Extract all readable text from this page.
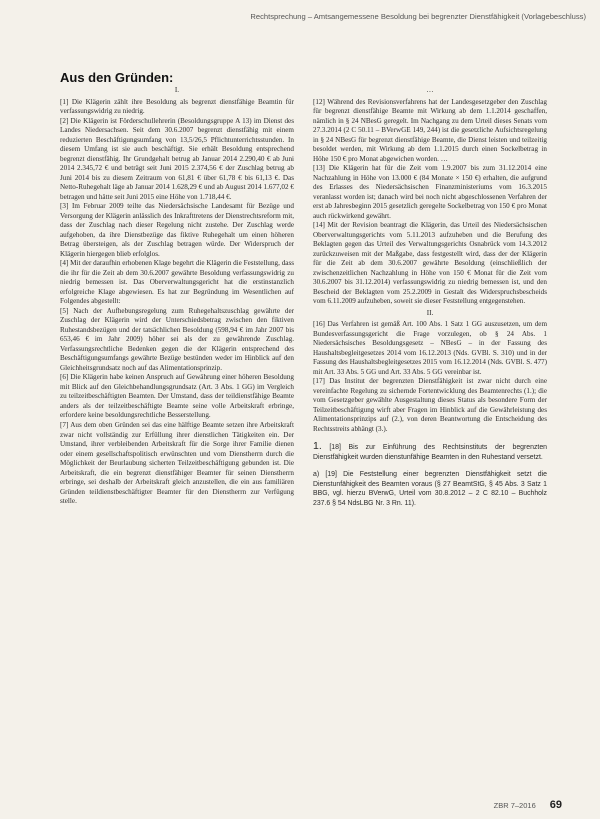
Rechtsprechung – Amtsangemessene Besoldung bei begrenzter Dienstfähigkeit (Vorlagebeschluss)
Aus den Gründen:
I.

[1] Die Klägerin zählt ihre Besoldung als begrenzt dienstfähige Beamtin für verfassungswidrig zu niedrig.

[2] Die Klägerin ist Förderschullehrerin (Besoldungsgruppe A 13) im Dienst des Landes Niedersachsen. Seit dem 30.6.2007 begrenzt dienstfähig mit einem reduzierten Beschäftigungsumfang von 13,5/26,5 Pflichtunterrichtsstunden. In diesem Umfang ist sie auch beschäftigt. Sie erhält Besoldung entsprechend begrenzt dienstfähig. Ihr Grundgehalt betrug ab Januar 2014 2.290,40 € ab Juni 2014 2.345,72 € und beträgt seit Juni 2015 2.374,56 € der Zuschlag betrug ab Juni 2014 bis zu diesem Zeitraum von 61,81 € über 61,78 € bis 61,13 €. Das Netto-Ruhegehalt läge ab Januar 2014 1.628,29 € und ab August 2014 1.677,02 € betragen und hätte seit Juni 2015 eine Höhe von 1.718,44 €.

[3] Im Februar 2009 teilte das Niedersächsische Landesamt für Bezüge und Versorgung der Klägerin anlässlich des Inkrafttretens der Dienstrechtsreform mit, dass der Zuschlag nach dieser Regelung nicht zustehe. Der Zuschlag werde aufgehoben, da ihre Dienstbezüge das fiktive Ruhegehalt um einen höheren Betrag übersteigen, als der Zuschlag betragen würde. Der Widerspruch der Klägerin hiergegen blieb erfolglos.

[4] Mit der daraufhin erhobenen Klage begehrt die Klägerin die Feststellung, dass die ihr für die Zeit ab dem 30.6.2007 gewährte Besoldung verfassungswidrig zu niedrig bemessen ist. Das Oberverwaltungsgericht hat die erstinstanzlich erfolgreiche Klage abgewiesen. Es hat zur Begründung im Wesentlichen auf Folgendes abgestellt:

[5] Nach der Aufhebungsregelung zum Ruhegehaltszuschlag gewährte der Zuschlag der Klägerin wird der Unterschiedsbetrag zwischen den fiktiven Ruhestandsbezügen und der tatsächlichen Besoldung (598,94 € im Jahr 2007 bis 653,46 € im Jahr 2009) höher sei als der zu gewährende Zuschlag. Verfassungsrechtliche Bedenken gegen die der Klägerin entsprechend des Beschäftigungsumfangs gewährte Bezüge bestünden weder im Hinblick auf den Gleichheitsgrundsatz noch auf das Alimentationsprinzip.

[6] Die Klägerin habe keinen Anspruch auf Gewährung einer höheren Besoldung mit Blick auf den Gleichbehandlungsgrundsatz (Art. 3 Abs. 1 GG) im Vergleich zu teilzeitbeschäftigten Beamten. Der Umstand, dass der teildienstfähige Beamte anders als der teilzeitbeschäftigte Beamte seine volle Arbeitskraft erbringe, erfordere keine besoldungsrechtliche Besserstellung.

[7] Aus dem oben Gründen sei das eine hälftige Beamte setzen ihre Arbeitskraft zwar nicht vollständig zur Erfüllung ihrer dienstlichen Tätigkeiten ein. Der Umstand, ihrer verbleibenden Arbeitskraft für die Sorge ihrer Familie dienen oder einem gesellschaftspolitisch erwünschten und vom Dienstherrn durch die Möglichkeit der Beurlaubung sicherten Teilzeitbeschäftigung gebunden ist. Die Arbeitskraft, die ein begrenzt dienstfähiger Beamter für seinen Dienstherrn erbringe, sei deshalb der Arbeitskraft gleich anzustellen, die ein aus familiären Gründen teildienstbeschäftigter Beamter für den Dienstherrn zur Verfügung stelle.

…

[12] Während des Revisionsverfahrens hat der Landesgesetzgeber den Zuschlag für begrenzt dienstfähige Beamte mit Wirkung ab dem 1.1.2014 geschaffen, nämlich in § 24 NBesG geregelt. Im Nachgang zu dem Urteil dieses Senats vom 27.3.2014 (2 C 50.11 – BVerwGE 149, 244) ist die gesetzliche Aufsichtsregelung in § 24 NBesG für begrenzt dienstfähige Beamte, die Dienst leisten und teilzeitig besoldet werden, mit Wirkung ab dem 1.1.2015 durch einen Sockelbetrag in Höhe 150 € pro Monat abgewichen worden. …

[13] Die Klägerin hat für die Zeit vom 1.9.2007 bis zum 31.12.2014 eine Nachzahlung in Höhe von 13.000 € (84 Monate × 150 €) erhalten, die aufgrund des Erlasses des Niedersächsischen Finanzministeriums vom 16.3.2015 veranlasst worden ist; danach wird bei noch nicht abgeschlossenen Verfahren der erst ab Jahresbeginn 2015 gesetzlich geregelte Sockelbetrag von 150 € pro Monat auch rückwirkend gewährt.

[14] Mit der Revision beantragt die Klägerin, das Urteil des Niedersächsischen Oberverwaltungsgerichts vom 5.11.2013 aufzuheben und die Berufung des Beklagten gegen das Urteil des Verwaltungsgerichts Osnabrück vom 14.3.2012 zurückzuweisen mit der Maßgabe, dass festgestellt wird, dass der der Klägerin für die Zeit ab dem 30.6.2007 gewährte Besoldung (einschließlich der zwischenzeitlichen Nachzahlung in Höhe von 150 € Monat für die Zeit vom 30.6.2007 bis 31.12.2014) verfassungswidrig zu niedrig bemessen ist, und den Bescheid der Beklagten vom 25.2.2009 in Gestalt des Widerspruchsbescheids vom 6.11.2009 aufzuheben, soweit sie dieser Feststellung entgegenstehen.

II.

[16] Das Verfahren ist gemäß Art. 100 Abs. 1 Satz 1 GG auszusetzen, um dem Bundesverfassungsgericht die Frage vorzulegen, ob § 24 Abs. 1 Niedersächsisches Besoldungsgesetz – NBesG – in der Fassung des Haushaltsbegleitgesetzes 2014 vom 16.12.2013 (Nds. GVBl. S. 310) und in der Fassung des Haushaltsbegleitgesetzes 2015 vom 16.12.2014 (Nds. GVBl. S. 477) mit Art. 33 Abs. 5 GG und Art. 33 Abs. 5 GG vereinbar ist.

[17] Das Institut der begrenzten Dienstfähigkeit ist zwar nicht durch eine vereinfachte Regelung zu sichernde Fortentwicklung des Beamtenrechts (1.); die vom Gesetzgeber gewählte Ausgestaltung dieses Status als besondere Form der Teilzeitbeschäftigung wirft aber Fragen im Hinblick auf die Gewährleistung des Alimentationsprinzips auf (2.), von deren Beantwortung die Entscheidung des Rechtsstreits abhängt (3.).

1. [18] Bis zur Einführung des Rechtsinstituts der begrenzten Dienstfähigkeit wurden dienstunfähige Beamten in den Ruhestand versetzt.

a) [19] Die Feststellung einer begrenzten Dienstfähigkeit setzt die Dienstunfähigkeit des Beamten voraus (§ 27 BeamtStG, § 45 Abs. 3 Satz 1 BBG, vgl. hierzu BVerwG, Urteil vom 30.8.2012 – 2 C 82.10 – Buchholz 237.6 § 54 NdsLBG Nr. 3 Rn. 11).

ZBR 7–2016 69
